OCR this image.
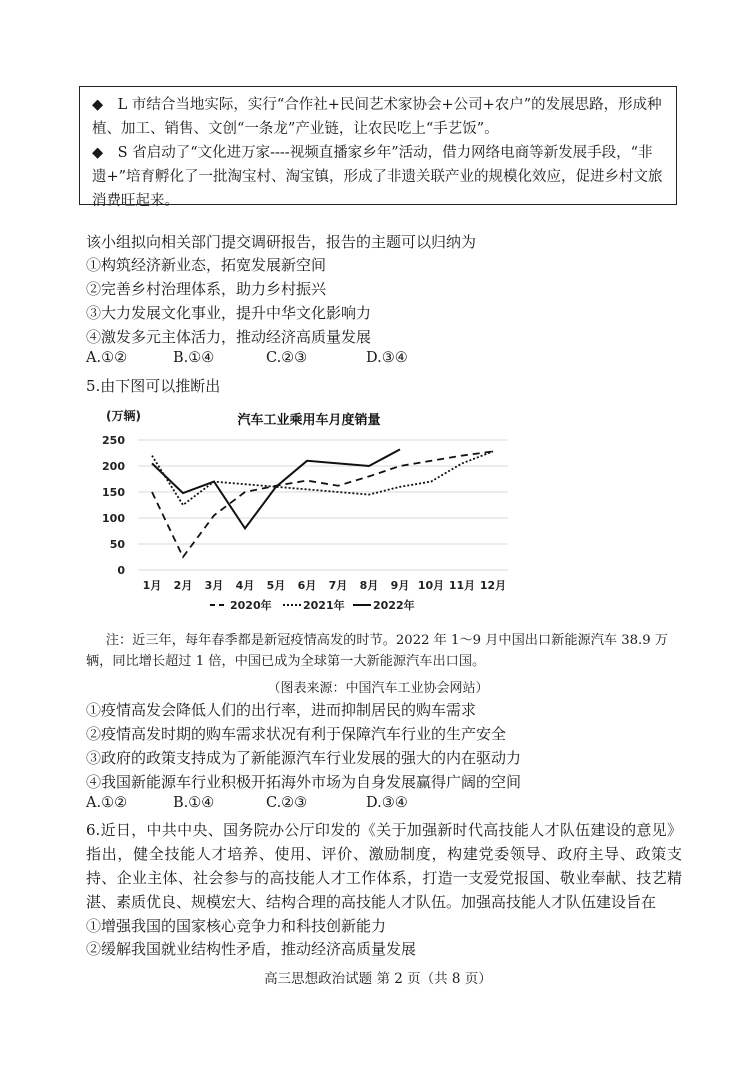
◆　L 市结合当地实际，实行“合作社+民间艺术家协会+公司+农户”的发展思路，形成种植、加工、销售、文创“一条龙”产业链，让农民吃上“手艺饭”。

◆　S 省启动了“文化进万家----视频直播家乡年”活动，借力网络电商等新发展手段，“非遗+”培育孵化了一批淘宝村、淘宝镇，形成了非遗关联产业的规模化效应，促进乡村文旅消费旺起来。

该小组拟向相关部门提交调研报告，报告的主题可以归纳为
①构筑经济新业态，拓宽发展新空间
②完善乡村治理体系，助力乡村振兴
③大力发展文化事业，提升中华文化影响力
④激发多元主体活力，推动经济高质量发展
A.①②	B.①④	C.②③	D.③④
5.由下图可以推断出
(万辆)	汽车工业乘用车月度销量
0
50
100
150
200
250
1月 2月 3月 4月 5月 6月 7月 8月 9月 10月 11月 12月
2020年	2021年	2022年
注：近三年，每年春季都是新冠疫情高发的时节。2022 年 1～9 月中国出口新能源汽车 38.9 万辆，同比增长超过 1 倍，中国已成为全球第一大新能源汽车出口国。
（图表来源：中国汽车工业协会网站）
①疫情高发会降低人们的出行率，进而抑制居民的购车需求
②疫情高发时期的购车需求状况有利于保障汽车行业的生产安全
③政府的政策支持成为了新能源汽车行业发展的强大的内在驱动力
④我国新能源车行业积极开拓海外市场为自身发展赢得广阔的空间
A.①②	B.①④	C.②③	D.③④
6.近日，中共中央、国务院办公厅印发的《关于加强新时代高技能人才队伍建设的意见》指出，健全技能人才培养、使用、评价、激励制度，构建党委领导、政府主导、政策支持、企业主体、社会参与的高技能人才工作体系，打造一支爱党报国、敬业奉献、技艺精湛、素质优良、规模宏大、结构合理的高技能人才队伍。加强高技能人才队伍建设旨在
①增强我国的国家核心竞争力和科技创新能力
②缓解我国就业结构性矛盾，推动经济高质量发展
高三思想政治试题 第 2 页（共 8 页）
